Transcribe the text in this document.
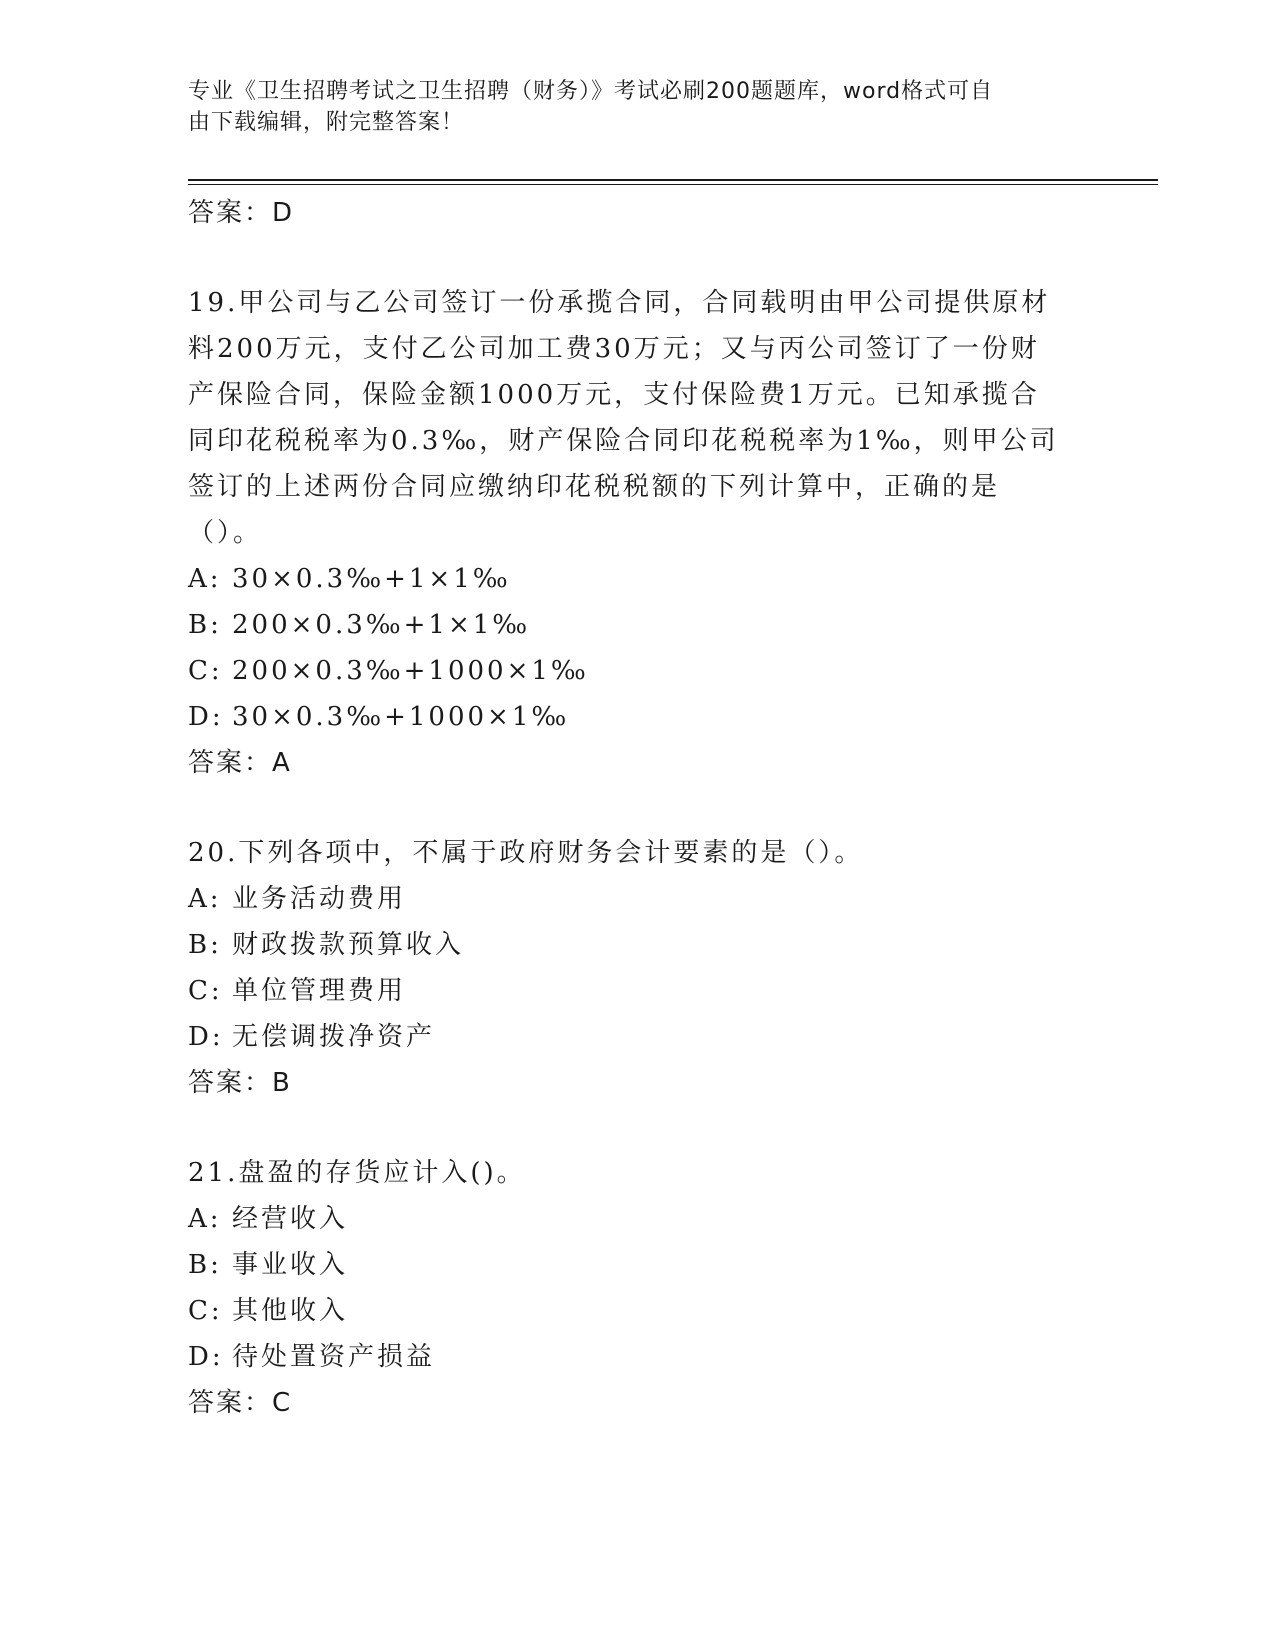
专业《卫生招聘考试之卫生招聘（财务）》考试必刷200题题库，word格式可自
由下载编辑，附完整答案！
答案：D
19.甲公司与乙公司签订一份承揽合同，合同载明由甲公司提供原材料200万元，支付乙公司加工费30万元；又与丙公司签订了一份财产保险合同，保险金额1000万元，支付保险费1万元。已知承揽合同印花税税率为0.3‰，财产保险合同印花税税率为1‰，则甲公司签订的上述两份合同应缴纳印花税税额的下列计算中，正确的是（）。
A: 30×0.3‰+1×1‰
B: 200×0.3‰+1×1‰
C: 200×0.3‰+1000×1‰
D: 30×0.3‰+1000×1‰
答案：A
20.下列各项中，不属于政府财务会计要素的是（）。
A: 业务活动费用
B: 财政拨款预算收入
C: 单位管理费用
D: 无偿调拨净资产
答案：B
21.盘盈的存货应计入()。
A: 经营收入
B: 事业收入
C: 其他收入
D: 待处置资产损益
答案：C
